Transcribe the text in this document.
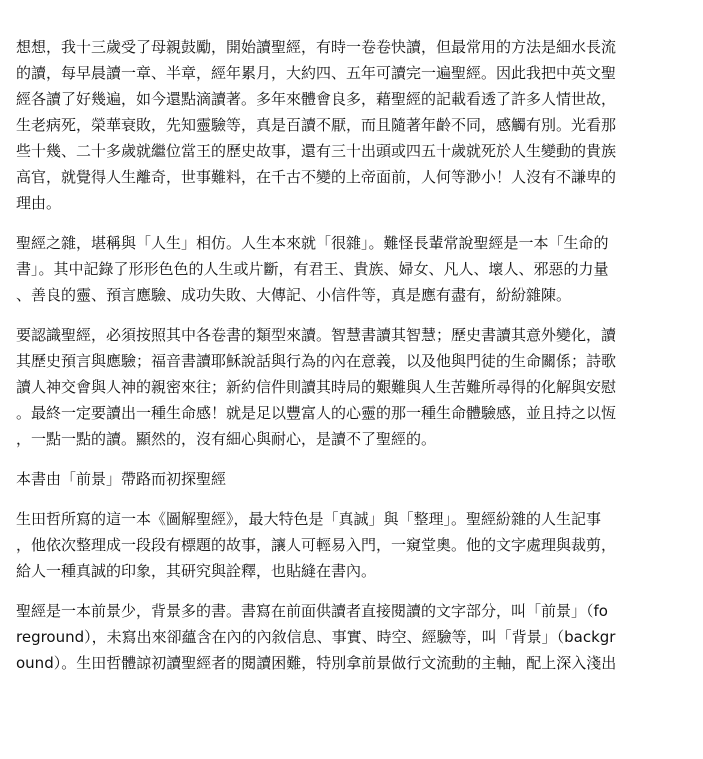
想想，我十三歲受了母親鼓勵，開始讀聖經，有時一卷卷快讀，但最常用的方法是細水長流
的讀，每早晨讀一章、半章，經年累月，大約四、五年可讀完一遍聖經。因此我把中英文聖
經各讀了好幾遍，如今還點滴讀著。多年來體會良多，藉聖經的記載看透了許多人情世故，
生老病死，榮華衰敗，先知靈驗等，真是百讀不厭，而且隨著年齡不同，感觸有別。光看那
些十幾、二十多歲就繼位當王的歷史故事，還有三十出頭或四五十歲就死於人生變動的貴族
高官，就覺得人生離奇，世事難料，在千古不變的上帝面前，人何等渺小！人沒有不謙卑的
理由。
聖經之雜，堪稱與「人生」相仿。人生本來就「很雜」。難怪長輩常說聖經是一本「生命的
書」。其中記錄了形形色色的人生或片斷，有君王、貴族、婦女、凡人、壞人、邪惡的力量
、善良的靈、預言應驗、成功失敗、大傳記、小信件等，真是應有盡有，紛紛雜陳。
要認識聖經，必須按照其中各卷書的類型來讀。智慧書讀其智慧；歷史書讀其意外變化，讀
其歷史預言與應驗；福音書讀耶穌說話與行為的內在意義，以及他與門徒的生命關係；詩歌
讀人神交會與人神的親密來往；新約信件則讀其時局的艱難與人生苦難所尋得的化解與安慰
。最終一定要讀出一種生命感！就是足以豐富人的心靈的那一種生命體驗感，並且持之以恆
，一點一點的讀。顯然的，沒有細心與耐心，是讀不了聖經的。
本書由「前景」帶路而初探聖經
生田哲所寫的這一本《圖解聖經》，最大特色是「真誠」與「整理」。聖經紛雜的人生記事
，他依次整理成一段段有標題的故事，讓人可輕易入門，一窺堂奧。他的文字處理與裁剪，
給人一種真誠的印象，其研究與詮釋，也貼縫在書內。
聖經是一本前景少，背景多的書。書寫在前面供讀者直接閱讀的文字部分，叫「前景」（fo
reground），未寫出來卻蘊含在內的內敘信息、事實、時空、經驗等，叫「背景」（backgr
ound）。生田哲體諒初讀聖經者的閱讀困難，特別拿前景做行文流動的主軸，配上深入淺出
